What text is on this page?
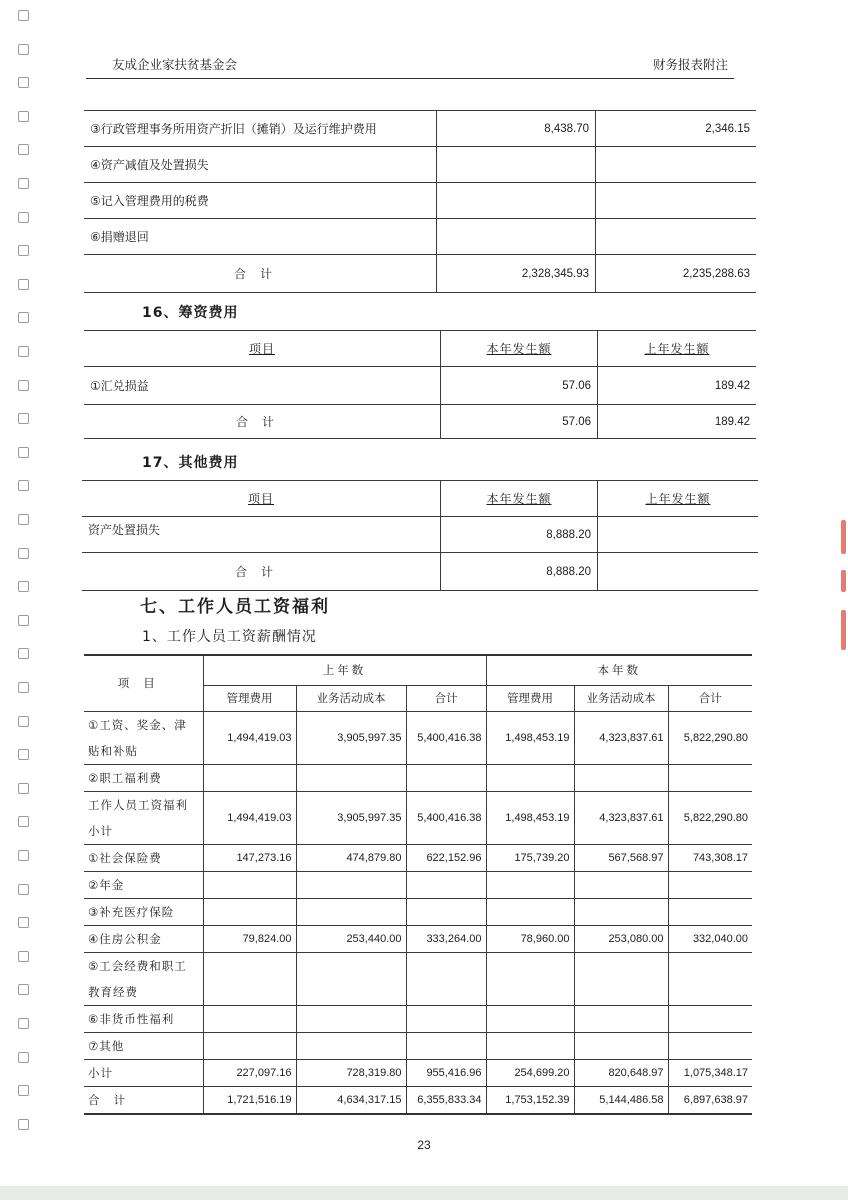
友成企业家扶贫基金会	财务报表附注
③行政管理事务所用资产折旧（摊销）及运行维护费用	8,438.70	2,346.15
④资产减值及处置损失		
⑤记入管理费用的税费		
⑥捐赠退回		
合计	2,328,345.93	2,235,288.63
16、筹资费用
项目	本年发生额	上年发生额
①汇兑损益	57.06	189.42
合计	57.06	189.42
17、其他费用
项目	本年发生额	上年发生额
资产处置损失	8,888.20	
合计	8,888.20	
七、工作人员工资福利
1、工作人员工资薪酬情况
项目	上年数			本年数		
	管理费用	业务活动成本	合计	管理费用	业务活动成本	合计
①工资、奖金、津贴和补贴	1,494,419.03	3,905,997.35	5,400,416.38	1,498,453.19	4,323,837.61	5,822,290.80
②职工福利费						
工作人员工资福利小计	1,494,419.03	3,905,997.35	5,400,416.38	1,498,453.19	4,323,837.61	5,822,290.80
①社会保险费	147,273.16	474,879.80	622,152.96	175,739.20	567,568.97	743,308.17
②年金						
③补充医疗保险						
④住房公积金	79,824.00	253,440.00	333,264.00	78,960.00	253,080.00	332,040.00
⑤工会经费和职工教育经费						
⑥非货币性福利						
⑦其他						
小计	227,097.16	728,319.80	955,416.96	254,699.20	820,648.97	1,075,348.17
合计	1,721,516.19	4,634,317.15	6,355,833.34	1,753,152.39	5,144,486.58	6,897,638.97
23
